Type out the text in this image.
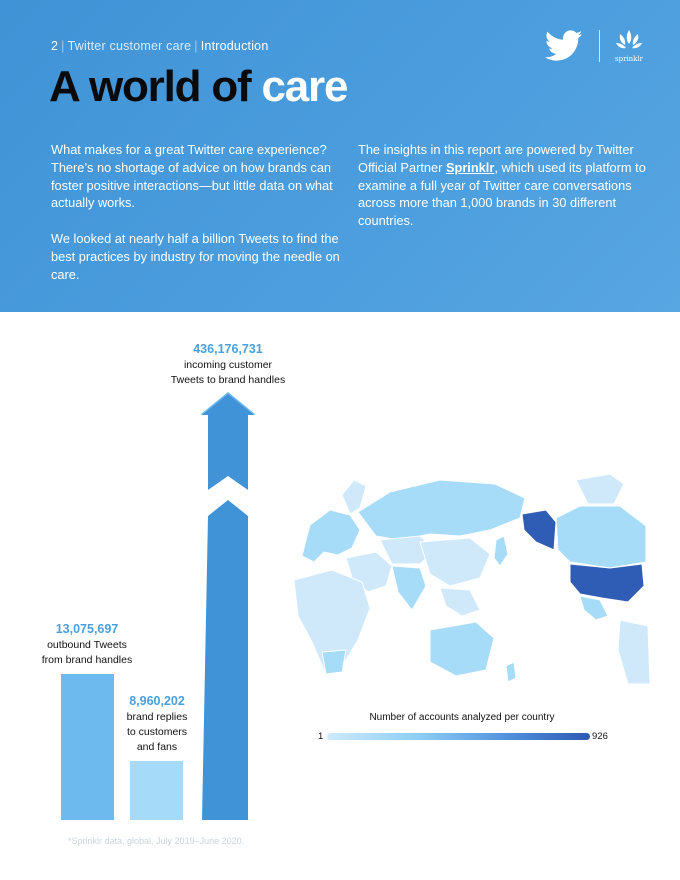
2 | Twitter customer care | Introduction
sprinklr
A world of care

What makes for a great Twitter care experience? There’s no shortage of advice on how brands can foster positive interactions—but little data on what actually works.

We looked at nearly half a billion Tweets to find the best practices by industry for moving the needle on care.

The insights in this report are powered by Twitter Official Partner Sprinklr, which used its platform to examine a full year of Twitter care conversations across more than 1,000 brands in 30 different countries.

436,176,731
incoming customer
Tweets to brand handles
13,075,697
outbound Tweets
from brand handles
8,960,202
brand replies
to customers
and fans
Number of accounts analyzed per country
1	926
*Sprinklr data, global, July 2019–June 2020.
